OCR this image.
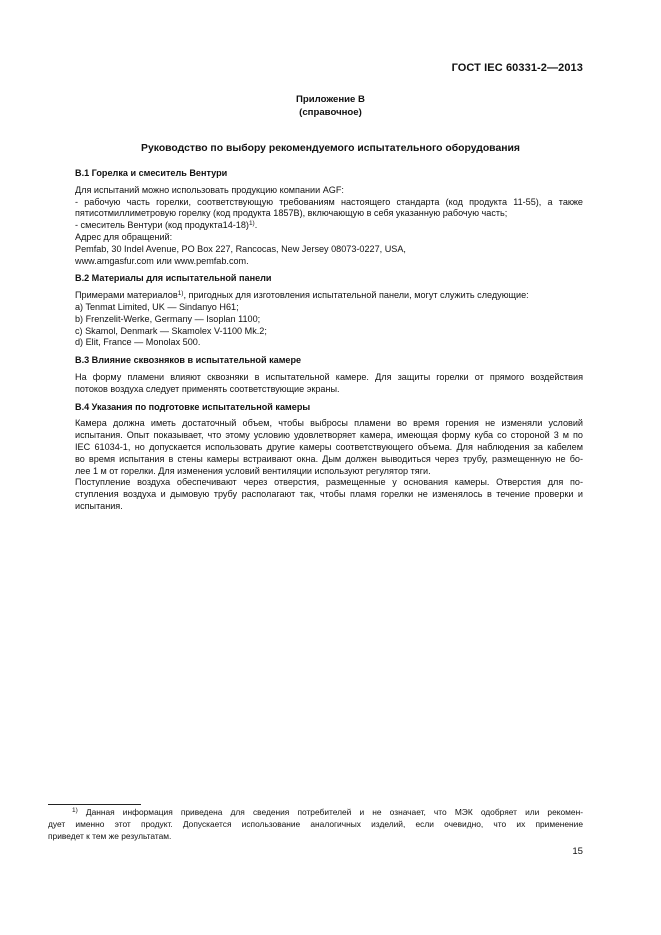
ГОСТ IEC 60331-2—2013
Приложение В
(справочное)
Руководство по выбору рекомендуемого испытательного оборудования
В.1 Горелка и смеситель Вентури
Для испытаний можно использовать продукцию компании AGF:
- рабочую часть горелки, соответствующую требованиям настоящего стандарта (код продукта 11-55), а также
пятисотмиллиметровую горелку (код продукта 1857В), включающую в себя указанную рабочую часть;
- смеситель Вентури (код продукта14-18)$^{1)}$.
Адрес для обращений:
Pemfab, 30 Indel Avenue, PO Box 227, Rancocas, New Jersey 08073-0227, USA,
www.amgasfur.com или www.pemfab.com.
В.2 Материалы для испытательной панели
Примерами материалов$^{1)}$, пригодных для изготовления испытательной панели, могут служить следующие:
a) Tenmat Limited, UK — Sindanyo H61;
b) Frenzelit-Werke, Germany — Isoplan 1100;
c) Skamol, Denmark — Skamolex V-1100 Mk.2;
d) Elit, France — Monolax 500.
В.3 Влияние сквозняков в испытательной камере
На форму пламени влияют сквозняки в испытательной камере. Для защиты горелки от прямого воздействия
потоков воздуха следует применять соответствующие экраны.
В.4 Указания по подготовке испытательной камеры
Камера должна иметь достаточный объем, чтобы выбросы пламени во время горения не изменяли условий
испытания. Опыт показывает, что этому условию удовлетворяет камера, имеющая форму куба со стороной 3 м по
IEC 61034-1, но допускается использовать другие камеры соответствующего объема. Для наблюдения за кабелем
во время испытания в стены камеры встраивают окна. Дым должен выводиться через трубу, размещенную не бо-
лее 1 м от горелки. Для изменения условий вентиляции используют регулятор тяги.
Поступление воздуха обеспечивают через отверстия, размещенные у основания камеры. Отверстия для по-
ступления воздуха и дымовую трубу располагают так, чтобы пламя горелки не изменялось в течение проверки и
испытания.
$^{1)}$ Данная информация приведена для сведения потребителей и не означает, что МЭК одобряет или рекомен-
дует именно этот продукт. Допускается использование аналогичных изделий, если очевидно, что их применение
приведет к тем же результатам.
15
